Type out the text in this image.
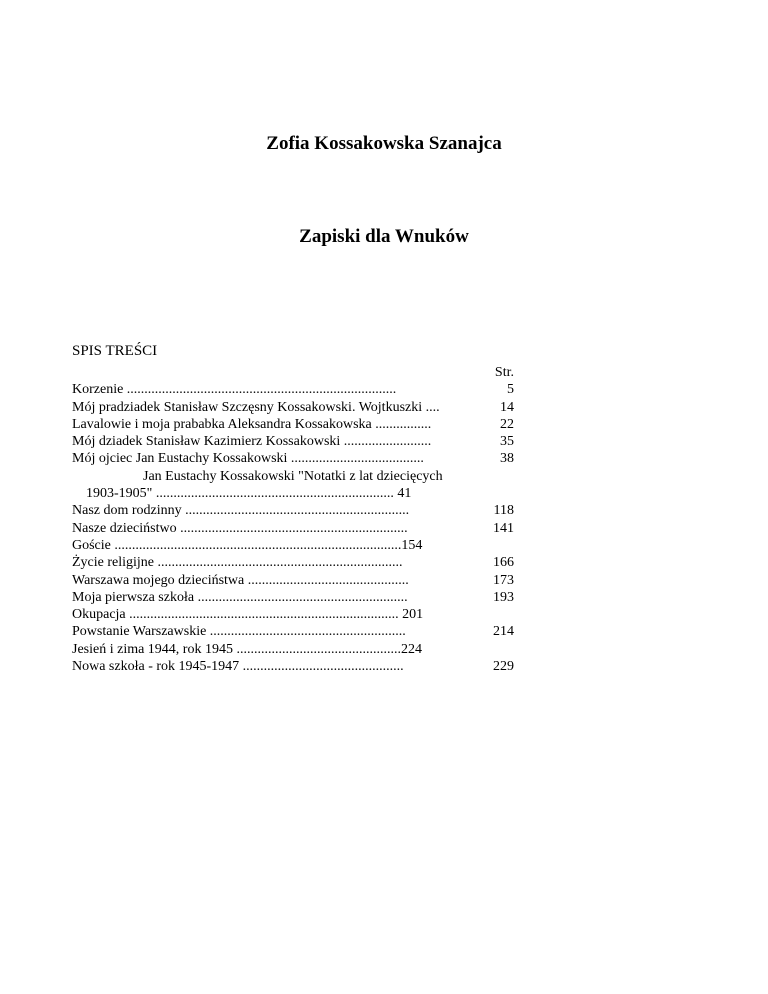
Zofia Kossakowska Szanajca
Zapiski dla Wnuków
SPIS TREŚCI
Str.
Korzenie .............................................................................	5
Mój pradziadek Stanisław Szczęsny Kossakowski. Wojtkuszki ....	14
Lavalowie i moja prababka Aleksandra Kossakowska ................	22
Mój dziadek Stanisław Kazimierz Kossakowski .........................	35
Mój ojciec Jan Eustachy Kossakowski ......................................	38
Jan Eustachy Kossakowski "Notatki z lat dziecięcych
1903-1905" .................................................................... 41
Nasz dom rodzinny ................................................................	118
Nasze dzieciństwo .................................................................	141
Goście ..................................................................................154
Życie religijne ......................................................................	166
Warszawa mojego dzieciństwa ..............................................	173
Moja pierwsza szkoła ............................................................	193
Okupacja ............................................................................. 201
Powstanie Warszawskie ........................................................	214
Jesień i zima 1944, rok 1945 ...............................................224
Nowa szkoła - rok 1945-1947 ..............................................	229
